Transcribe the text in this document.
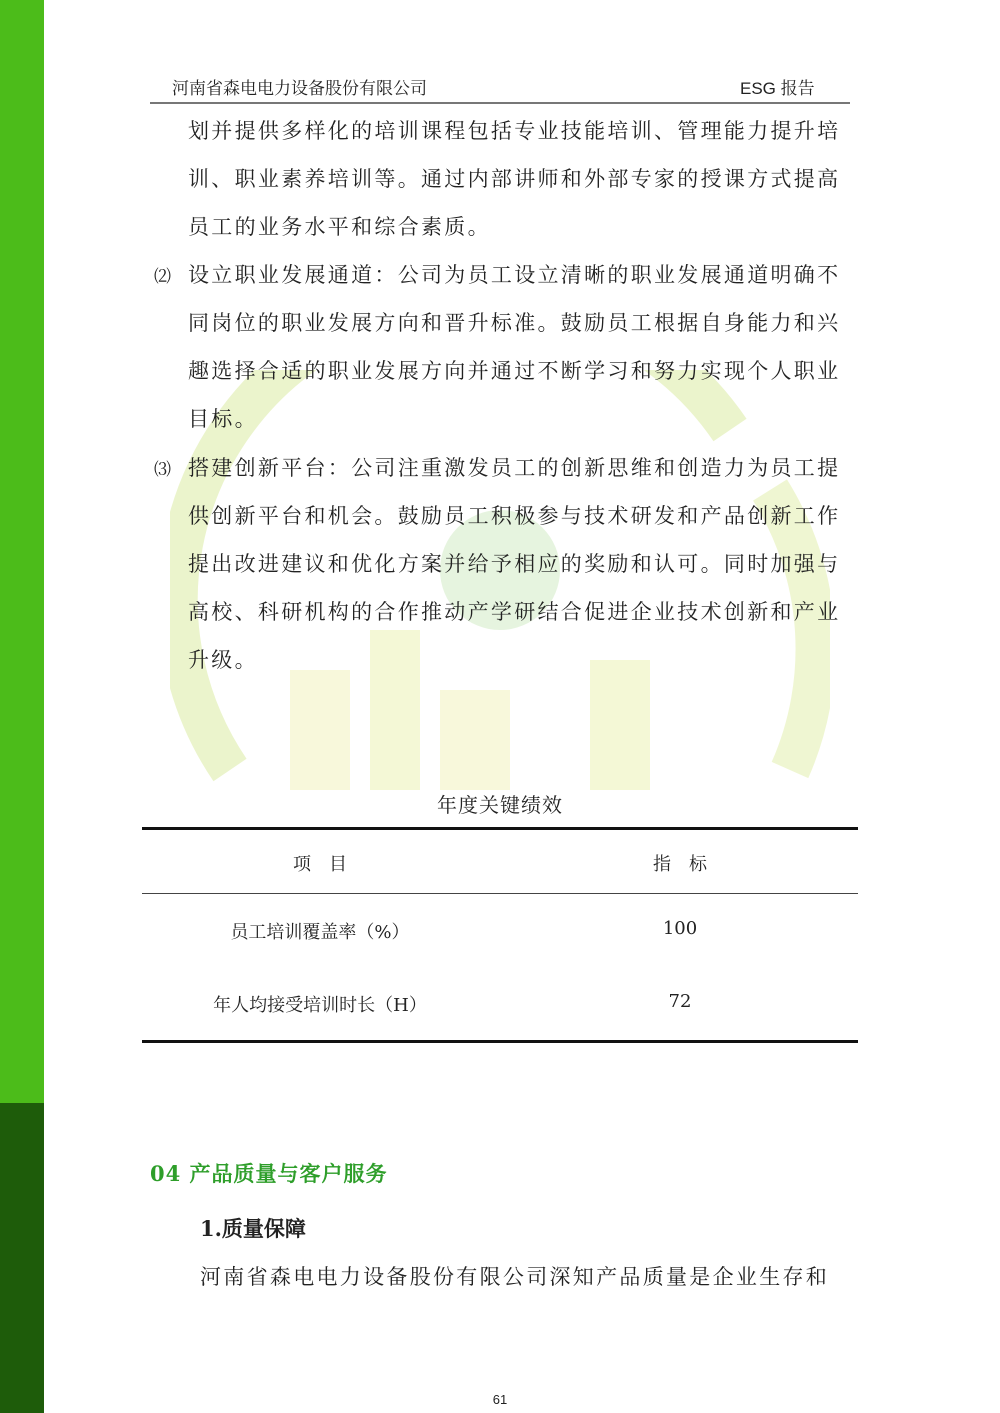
河南省森电电力设备股份有限公司	ESG 报告
划并提供多样化的培训课程包括专业技能培训、管理能力提升培
训、职业素养培训等。通过内部讲师和外部专家的授课方式提高
员工的业务水平和综合素质。
⑵ 设立职业发展通道：公司为员工设立清晰的职业发展通道明确不
同岗位的职业发展方向和晋升标准。鼓励员工根据自身能力和兴
趣选择合适的职业发展方向并通过不断学习和努力实现个人职业
目标。
⑶ 搭建创新平台：公司注重激发员工的创新思维和创造力为员工提
供创新平台和机会。鼓励员工积极参与技术研发和产品创新工作
提出改进建议和优化方案并给予相应的奖励和认可。同时加强与
高校、科研机构的合作推动产学研结合促进企业技术创新和产业
升级。
年度关键绩效
项　目	指　标
员工培训覆盖率（%）	100
年人均接受培训时长（H）	72
04 产品质量与客户服务
1.质量保障
河南省森电电力设备股份有限公司深知产品质量是企业生存和
61
